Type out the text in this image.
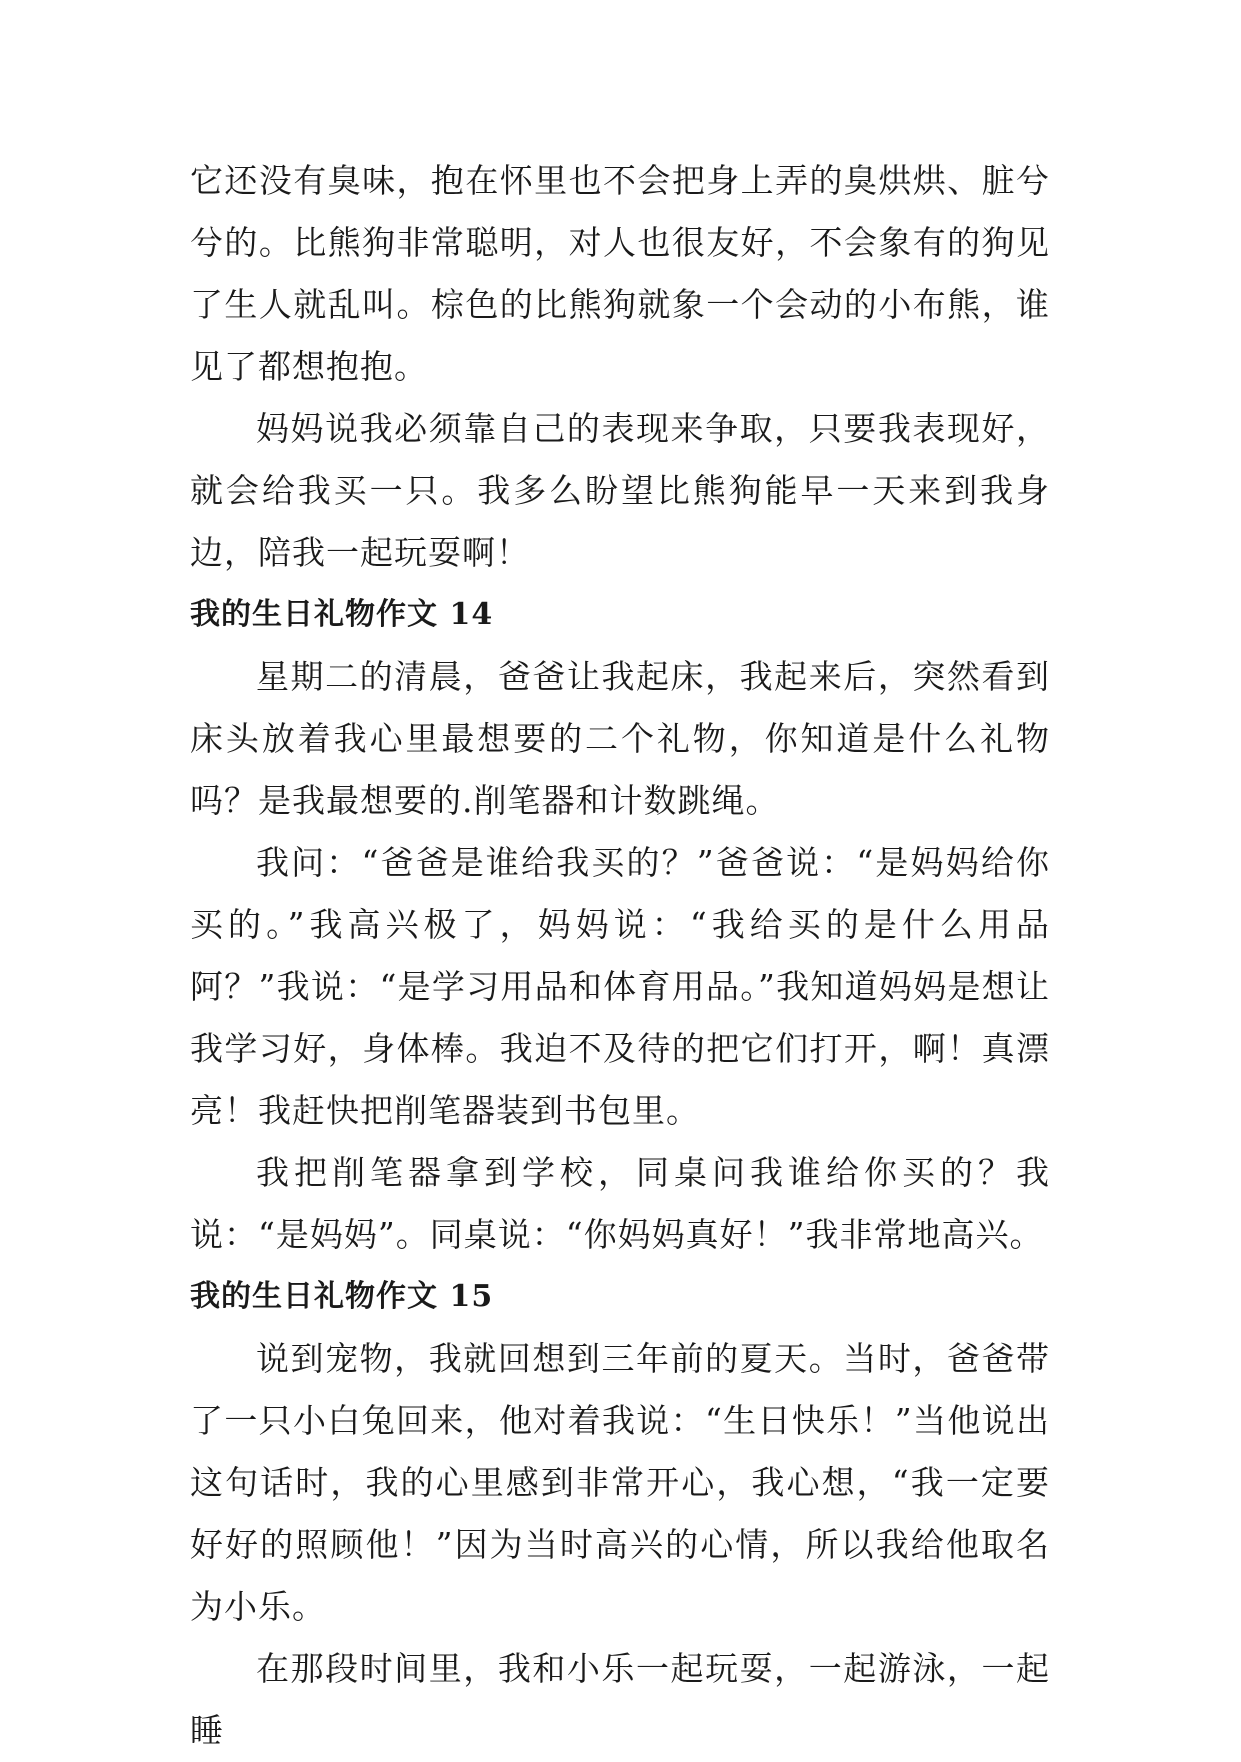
它还没有臭味，抱在怀里也不会把身上弄的臭烘烘、脏兮兮的。比熊狗非常聪明，对人也很友好，不会象有的狗见了生人就乱叫。棕色的比熊狗就象一个会动的小布熊，谁见了都想抱抱。

妈妈说我必须靠自己的表现来争取，只要我表现好，就会给我买一只。我多么盼望比熊狗能早一天来到我身边，陪我一起玩耍啊！

我的生日礼物作文 14

星期二的清晨，爸爸让我起床，我起来后，突然看到床头放着我心里最想要的二个礼物，你知道是什么礼物吗？是我最想要的.削笔器和计数跳绳。

我问：“爸爸是谁给我买的？”爸爸说：“是妈妈给你买的。”我高兴极了，妈妈说：“我给买的是什么用品阿？”我说：“是学习用品和体育用品。”我知道妈妈是想让我学习好，身体棒。我迫不及待的把它们打开，啊！真漂亮！我赶快把削笔器装到书包里。

我把削笔器拿到学校，同桌问我谁给你买的？我说：“是妈妈”。同桌说：“你妈妈真好！”我非常地高兴。

我的生日礼物作文 15

说到宠物，我就回想到三年前的夏天。当时，爸爸带了一只小白兔回来，他对着我说：“生日快乐！”当他说出这句话时，我的心里感到非常开心，我心想，“我一定要好好的照顾他！”因为当时高兴的心情，所以我给他取名为小乐。

在那段时间里，我和小乐一起玩耍，一起游泳，一起睡
